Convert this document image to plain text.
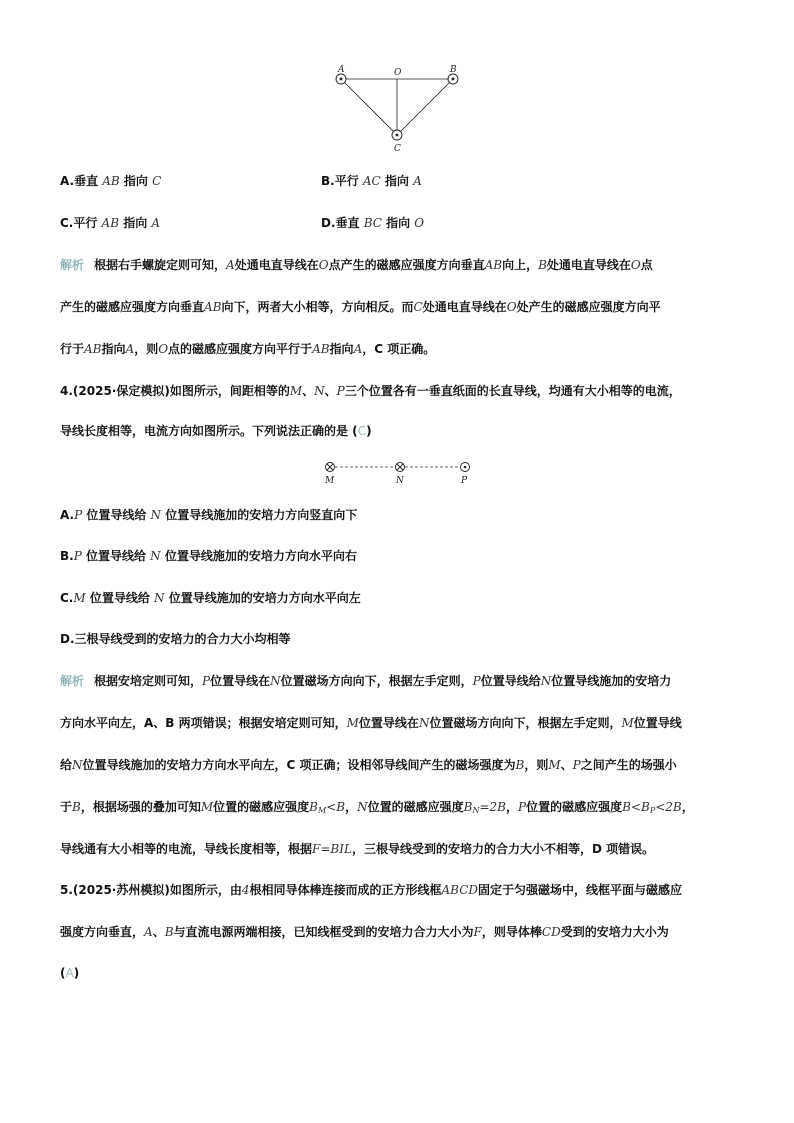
A	O	B
C
A.垂直 AB 指向 C	B.平行 AC 指向 A
C.平行 AB 指向 A	D.垂直 BC 指向 O
解析 根据右手螺旋定则可知，A处通电直导线在O点产生的磁感应强度方向垂直AB向上，B处通电直导线在O点
产生的磁感应强度方向垂直AB向下，两者大小相等，方向相反。而C处通电直导线在O处产生的磁感应强度方向平
行于AB指向A，则O点的磁感应强度方向平行于AB指向A，C 项正确。
4.(2025·保定模拟)如图所示，间距相等的M、N、P三个位置各有一垂直纸面的长直导线，均通有大小相等的电流，
导线长度相等，电流方向如图所示。下列说法正确的是 (C)
M	N	P
A.P 位置导线给 N 位置导线施加的安培力方向竖直向下
B.P 位置导线给 N 位置导线施加的安培力方向水平向右
C.M 位置导线给 N 位置导线施加的安培力方向水平向左
D.三根导线受到的安培力的合力大小均相等
解析 根据安培定则可知，P位置导线在N位置磁场方向向下，根据左手定则，P位置导线给N位置导线施加的安培力
方向水平向左，A、B 两项错误；根据安培定则可知，M位置导线在N位置磁场方向向下，根据左手定则，M位置导线
给N位置导线施加的安培力方向水平向左，C 项正确；设相邻导线间产生的磁场强度为B，则M、P之间产生的场强小
于B，根据场强的叠加可知M位置的磁感应强度$B_M<B$，N位置的磁感应强度$B_N=2B$，P位置的磁感应强度$B<B_P<2B$，
导线通有大小相等的电流，导线长度相等，根据F=BIL，三根导线受到的安培力的合力大小不相等，D 项错误。
5.(2025·苏州模拟)如图所示，由4根相同导体棒连接而成的正方形线框ABCD固定于匀强磁场中，线框平面与磁感应
强度方向垂直，A、B与直流电源两端相接，已知线框受到的安培力合力大小为F，则导体棒CD受到的安培力大小为
(A)
